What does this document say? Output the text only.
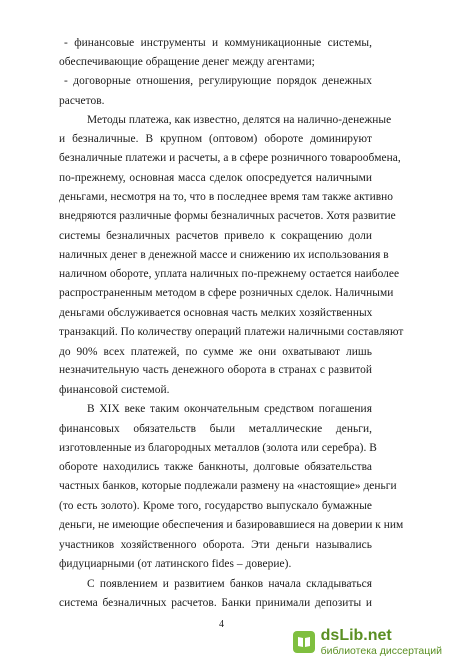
- финансовые инструменты и коммуникационные системы,
обеспечивающие обращение денег между агентами;
- договорные отношения, регулирующие порядок денежных
расчетов.
Методы платежа, как известно, делятся на налично-денежные
и безналичные. В крупном (оптовом) обороте доминируют
безналичные платежи и расчеты, а в сфере розничного товарообмена,
по-прежнему, основная масса сделок опосредуется наличными
деньгами, несмотря на то, что в последнее время там также активно
внедряются различные формы безналичных расчетов. Хотя развитие
системы безналичных расчетов привело к сокращению доли
наличных денег в денежной массе и снижению их использования в
наличном обороте, уплата наличных по-прежнему остается наиболее
распространенным методом в сфере розничных сделок. Наличными
деньгами обслуживается основная часть мелких хозяйственных
транзакций. По количеству операций платежи наличными составляют
до 90% всех платежей, по сумме же они охватывают лишь
незначительную часть денежного оборота в странах с развитой
финансовой системой.
В XIX веке таким окончательным средством погашения
финансовых обязательств были металлические деньги,
изготовленные из благородных металлов (золота или серебра). В
обороте находились также банкноты, долговые обязательства
частных банков, которые подлежали размену на «настоящие» деньги
(то есть золото). Кроме того, государство выпускало бумажные
деньги, не имеющие обеспечения и базировавшиеся на доверии к ним
участников хозяйственного оборота. Эти деньги назывались
фидуциарными (от латинского fides – доверие).
С появлением и развитием банков начала складываться
система безналичных расчетов. Банки принимали депозиты и
4
dsLib.net
библиотека диссертаций
